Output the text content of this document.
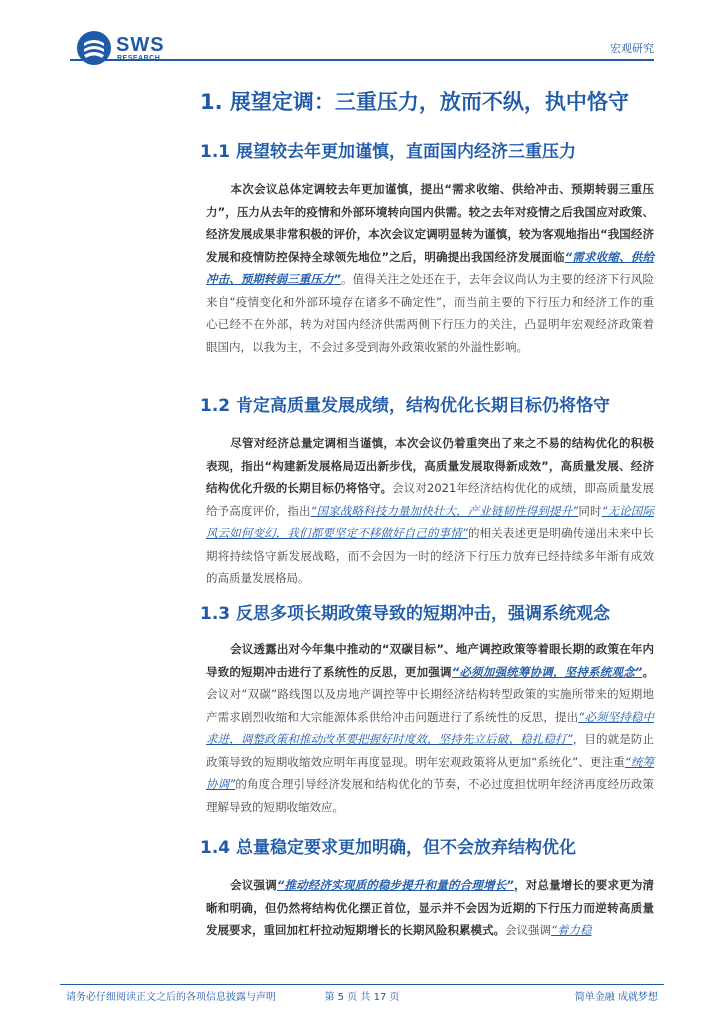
SWS	宏观研究
1. 展望定调：三重压力，放而不纵，执中恪守
1.1 展望较去年更加谨慎，直面国内经济三重压力
本次会议总体定调较去年更加谨慎，提出“需求收缩、供给冲击、预期转弱三重压力”，压力从去年的疫情和外部环境转向国内供需。较之去年对疫情之后我国应对政策、经济发展成果非常积极的评价，本次会议定调明显转为谨慎，较为客观地指出“我国经济发展和疫情防控保持全球领先地位”之后，明确提出我国经济发展面临“需求收缩、供给冲击、预期转弱三重压力”。值得关注之处还在于，去年会议尚认为主要的经济下行风险来自“疫情变化和外部环境存在诸多不确定性”，而当前主要的下行压力和经济工作的重心已经不在外部，转为对国内经济供需两侧下行压力的关注，凸显明年宏观经济政策着眼国内，以我为主，不会过多受到海外政策收紧的外溢性影响。
1.2 肯定高质量发展成绩，结构优化长期目标仍将恪守
尽管对经济总量定调相当谨慎，本次会议仍着重突出了来之不易的结构优化的积极表现，指出“构建新发展格局迈出新步伐，高质量发展取得新成效”，高质量发展、经济结构优化升级的长期目标仍将恪守。会议对2021年经济结构优化的成绩，即高质量发展给予高度评价，指出“国家战略科技力量加快壮大，产业链韧性得到提升”同时“无论国际风云如何变幻，我们都要坚定不移做好自己的事情”的相关表述更是明确传递出未来中长期将持续恪守新发展战略，而不会因为一时的经济下行压力放弃已经持续多年渐有成效的高质量发展格局。
1.3 反思多项长期政策导致的短期冲击，强调系统观念
会议透露出对今年集中推动的“双碳目标”、地产调控政策等着眼长期的政策在年内导致的短期冲击进行了系统性的反思，更加强调“必须加强统筹协调，坚持系统观念”。会议对“双碳”路线图以及房地产调控等中长期经济结构转型政策的实施所带来的短期地产需求剧烈收缩和大宗能源体系供给冲击问题进行了系统性的反思，提出“必须坚持稳中求进，调整政策和推动改革要把握好时度效，坚持先立后破、稳扎稳打”，目的就是防止政策导致的短期收缩效应明年再度显现。明年宏观政策将从更加“系统化”、更注重“统筹协调”的角度合理引导经济发展和结构优化的节奏，不必过度担忧明年经济再度经历政策理解导致的短期收缩效应。
1.4 总量稳定要求更加明确，但不会放弃结构优化
会议强调“推动经济实现质的稳步提升和量的合理增长”，对总量增长的要求更为清晰和明确，但仍然将结构优化摆正首位，显示并不会因为近期的下行压力而逆转高质量发展要求，重回加杠杆拉动短期增长的长期风险积累模式。会议强调“着力稳
请务必仔细阅读正文之后的各项信息披露与声明	第 5 页 共 17 页	简单金融 成就梦想
